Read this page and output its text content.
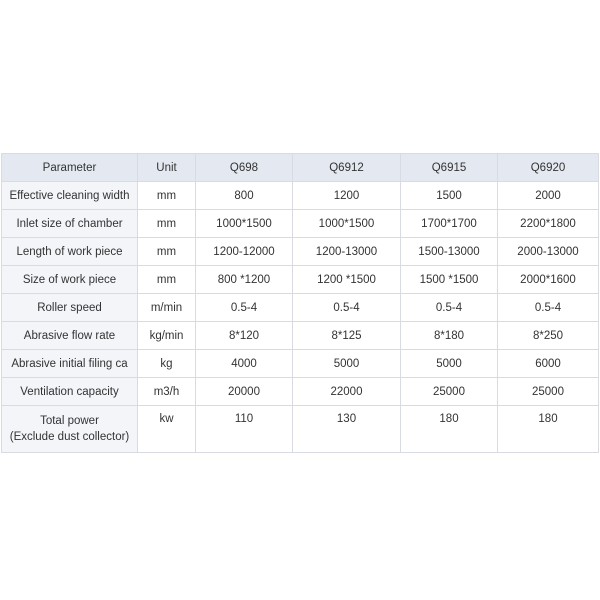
Parameter	Unit	Q698	Q6912	Q6915	Q6920
Effective cleaning width	mm	800	1200	1500	2000
Inlet size of chamber	mm	1000*1500	1000*1500	1700*1700	2200*1800
Length of work piece	mm	1200-12000	1200-13000	1500-13000	2000-13000
Size of work piece	mm	800 *1200	1200 *1500	1500 *1500	2000*1600
Roller speed	m/min	0.5-4	0.5-4	0.5-4	0.5-4
Abrasive flow rate	kg/min	8*120	8*125	8*180	8*250

Abrasive initial filing ca	kg	4000	5000	5000	6000
Ventilation capacity	m3/h	20000	22000	25000	25000

Total power
(Exclude dust collector)	kw	110	130	180	180
